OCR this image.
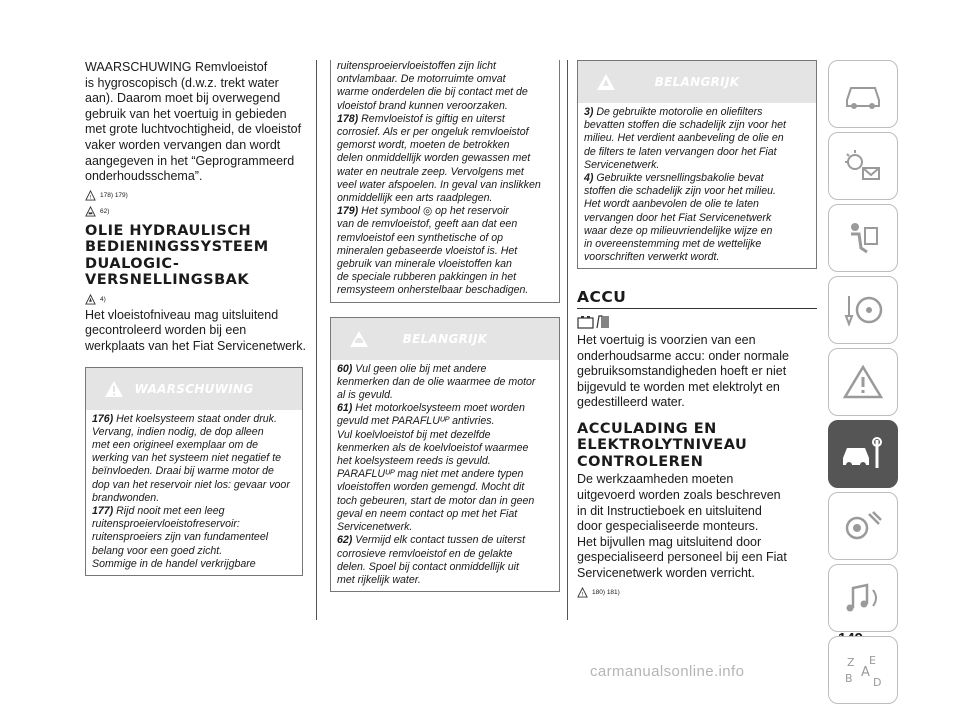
WAARSCHUWING Remvloeistof
is hygroscopisch (d.w.z. trekt water
aan). Daarom moet bij overwegend
gebruik van het voertuig in gebieden
met grote luchtvochtigheid, de vloeistof
vaker worden vervangen dan wordt
aangegeven in het “Geprogrammeerd
onderhoudsschema”.

! 178) 179)
62)
OLIE HYDRAULISCH
BEDIENINGSSYSTEEM
DUALOGIC-
VERSNELLINGSBAK
4)

Het vloeistofniveau mag uitsluitend
gecontroleerd worden bij een
werkplaats van het Fiat Servicenetwerk.

WAARSCHUWING
176) Het koelsysteem staat onder druk.
Vervang, indien nodig, de dop alleen
met een origineel exemplaar om de
werking van het systeem niet negatief te
beïnvloeden. Draai bij warme motor de
dop van het reservoir niet los: gevaar voor
brandwonden.
177) Rijd nooit met een leeg
ruitensproeiervloeistofreservoir:
ruitensproeiers zijn van fundamenteel
belang voor een goed zicht.
Sommige in de handel verkrijgbare
ruitensproeiervloeistoffen zijn licht
ontvlambaar. De motorruimte omvat
warme onderdelen die bij contact met de
vloeistof brand kunnen veroorzaken.
178) Remvloeistof is giftig en uiterst
corrosief. Als er per ongeluk remvloeistof
gemorst wordt, moeten de betrokken
delen onmiddellijk worden gewassen met
water en neutrale zeep. Vervolgens met
veel water afspoelen. In geval van inslikken
onmiddellijk een arts raadplegen.
179) Het symbool ◎ op het reservoir
van de remvloeistof, geeft aan dat een
remvloeistof een synthetische of op
mineralen gebaseerde vloeistof is. Het
gebruik van minerale vloeistoffen kan
de speciale rubberen pakkingen in het
remsysteem onherstelbaar beschadigen.
BELANGRIJK
60) Vul geen olie bij met andere
kenmerken dan de olie waarmee de motor
al is gevuld.
61) Het motorkoelsysteem moet worden
gevuld met PARAFLUᵁᴾ antivries.
Vul koelvloeistof bij met dezelfde
kenmerken als de koelvloeistof waarmee
het koelsysteem reeds is gevuld.
PARAFLUᵁᴾ mag niet met andere typen
vloeistoffen worden gemengd. Mocht dit
toch gebeuren, start de motor dan in geen
geval en neem contact op met het Fiat
Servicenetwerk.
62) Vermijd elk contact tussen de uiterst
corrosieve remvloeistof en de gelakte
delen. Spoel bij contact onmiddellijk uit
met rijkelijk water.
BELANGRIJK
3) De gebruikte motorolie en oliefilters
bevatten stoffen die schadelijk zijn voor het
milieu. Het verdient aanbeveling de olie en
de filters te laten vervangen door het Fiat
Servicenetwerk.
4) Gebruikte versnellingsbakolie bevat
stoffen die schadelijk zijn voor het milieu.
Het wordt aanbevolen de olie te laten
vervangen door het Fiat Servicenetwerk
waar deze op milieuvriendelijke wijze en
in overeenstemming met de wettelijke
voorschriften verwerkt wordt.
ACCU

Het voertuig is voorzien van een
onderhoudsarme accu: onder normale
gebruiksomstandigheden hoeft er niet
bijgevuld te worden met elektrolyt en
gedestilleerd water.

ACCULADING EN
ELEKTROLYTNIVEAU
CONTROLEREN

De werkzaamheden moeten
uitgevoerd worden zoals beschreven
in dit Instructieboek en uitsluitend
door gespecialiseerde monteurs.
Het bijvullen mag uitsluitend door
gespecialiseerd personeel bij een Fiat
Servicenetwerk worden verricht.

! 180) 181)
Z E
B A
D
carmanualsonline.info
